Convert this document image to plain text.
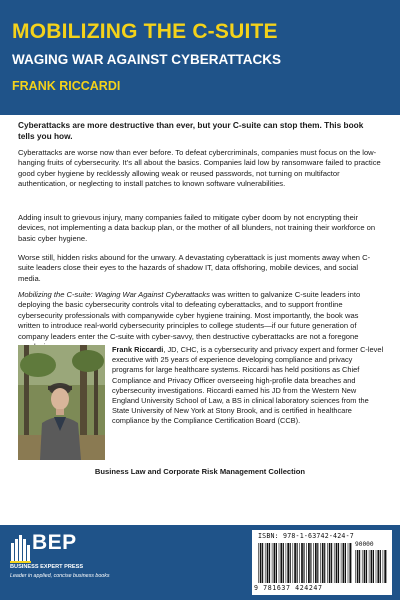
MOBILIZING THE C-SUITE
WAGING WAR AGAINST CYBERATTACKS
FRANK RICCARDI

Cyberattacks are more destructive than ever, but your C-suite can stop them. This book tells you how.

Cyberattacks are worse now than ever before. To defeat cybercriminals, companies must focus on the low-hanging fruits of cybersecurity. It’s all about the basics. Companies laid low by ransomware failed to practice good cyber hygiene by recklessly allowing weak or reused passwords, not turning on multifactor authentication, or neglecting to install patches to known software vulnerabilities.

Adding insult to grievous injury, many companies failed to mitigate cyber doom by not encrypting their devices, not implementing a data backup plan, or the mother of all blunders, not training their workforce on basic cyber hygiene.

Worse still, hidden risks abound for the unwary. A devastating cyberattack is just moments away when C-suite leaders close their eyes to the hazards of shadow IT, data offshoring, mobile devices, and social media.

Mobilizing the C-suite: Waging War Against Cyberattacks was written to galvanize C-suite leaders into deploying the basic cybersecurity controls vital to defeating cyberattacks, and to support frontline cybersecurity professionals with companywide cyber hygiene training. Most importantly, the book was written to introduce real-world cybersecurity principles to college students—if our future generation of company leaders enter the C-suite with cyber-savvy, then destructive cyberattacks are not a foregone

Frank Riccardi, JD, CHC, is a cybersecurity and privacy expert and former C-level executive with 25 years of experience developing compliance and privacy programs for large healthcare systems. Riccardi has held positions as Chief Compliance and Privacy Officer overseeing high-profile data breaches and cybersecurity investigations. Riccardi earned his JD from the Western New England University School of Law, a BS in clinical laboratory sciences from the State University of New York at Stony Brook, and is certified in healthcare compliance by the Compliance Certification Board (CCB).

Business Law and Corporate Risk Management Collection
BEP
BUSINESS EXPERT PRESS
Leader in applied, concise business books
ISBN: 978-1-63742-424-7
90000
9 781637 424247
